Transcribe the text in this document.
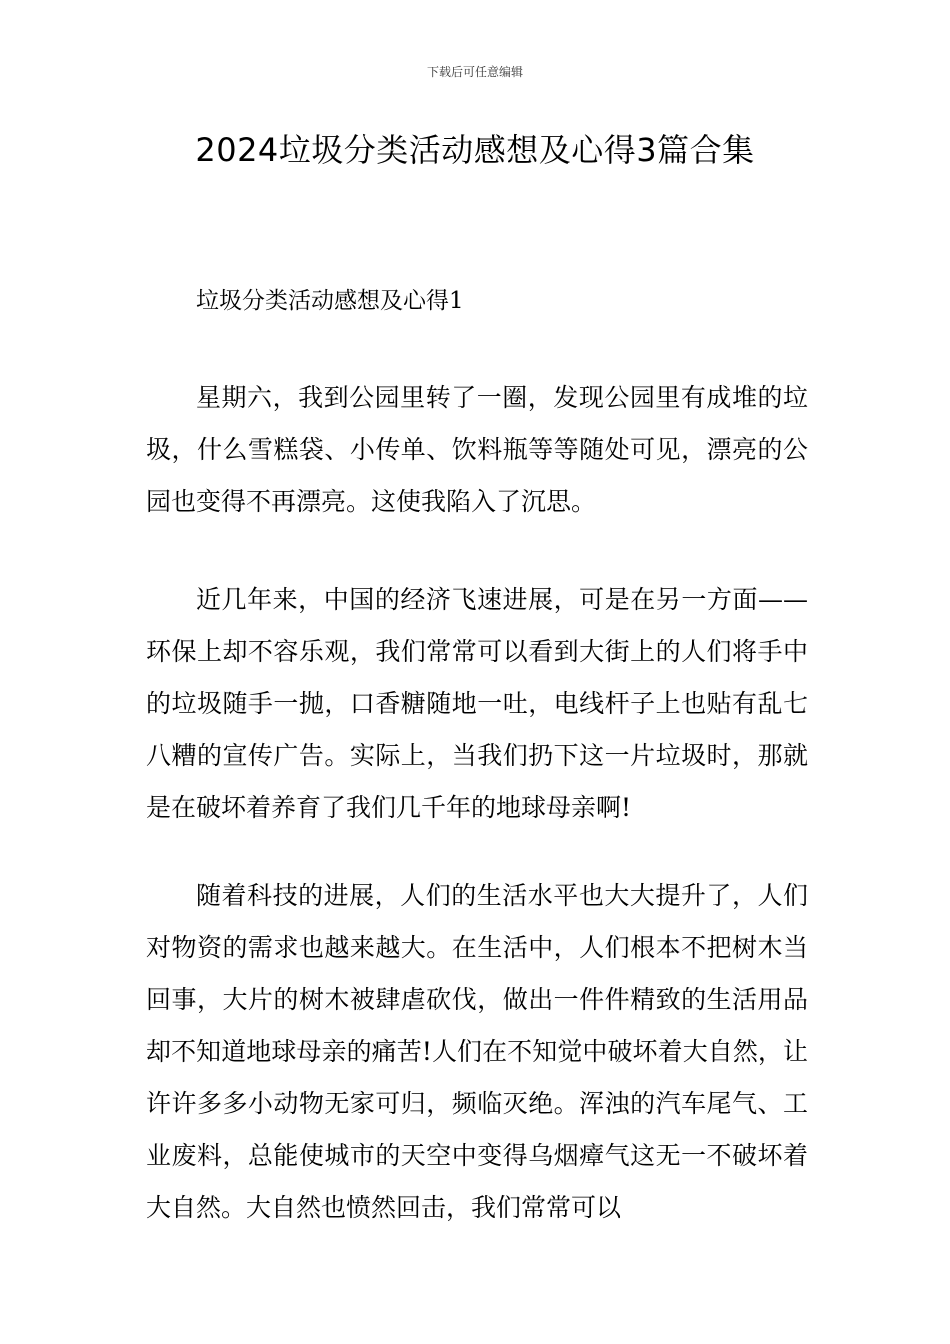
下载后可任意编辑
2024垃圾分类活动感想及心得3篇合集
垃圾分类活动感想及心得1

星期六，我到公园里转了一圈，发现公园里有成堆的垃圾，什么雪糕袋、小传单、饮料瓶等等随处可见，漂亮的公园也变得不再漂亮。这使我陷入了沉思。

近几年来，中国的经济飞速进展，可是在另一方面——环保上却不容乐观，我们常常可以看到大街上的人们将手中的垃圾随手一抛，口香糖随地一吐，电线杆子上也贴有乱七八糟的宣传广告。实际上，当我们扔下这一片垃圾时，那就是在破坏着养育了我们几千年的地球母亲啊!

随着科技的进展，人们的生活水平也大大提升了，人们对物资的需求也越来越大。在生活中，人们根本不把树木当回事，大片的树木被肆虐砍伐，做出一件件精致的生活用品却不知道地球母亲的痛苦!人们在不知觉中破坏着大自然，让许许多多小动物无家可归，频临灭绝。浑浊的汽车尾气、工业废料，总能使城市的天空中变得乌烟瘴气这无一不破坏着大自然。大自然也愤然回击，我们常常可以
